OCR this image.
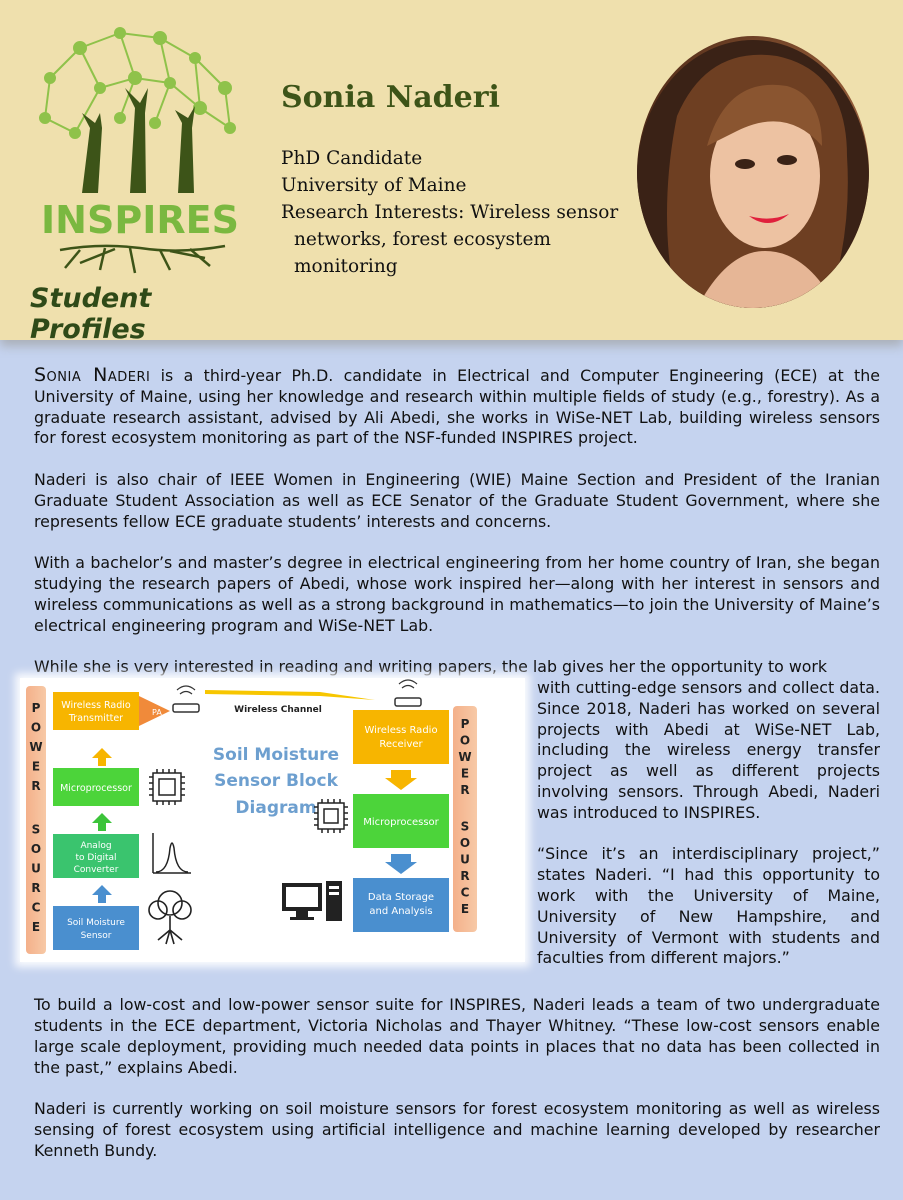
INSPIRES
Student Profiles
Sonia Naderi
PhD Candidate
University of Maine
Research Interests: Wireless sensor
networks, forest ecosystem
monitoring

Sonia Naderi is a third-year Ph.D. candidate in Electrical and Computer Engineering (ECE) at the University of Maine, using her knowledge and research within multiple fields of study (e.g., forestry). As a graduate research assistant, advised by Ali Abedi, she works in WiSe-NET Lab, building wireless sensors for forest ecosystem monitoring as part of the NSF-funded INSPIRES project.

Naderi is also chair of IEEE Women in Engineering (WIE) Maine Section and President of the Iranian Graduate Student Association as well as ECE Senator of the Graduate Student Government, where she represents fellow ECE graduate students’ interests and concerns.

With a bachelor’s and master’s degree in electrical engineering from her home country of Iran, she began studying the research papers of Abedi, whose work inspired her—along with her interest in sensors and wireless communications as well as a strong background in mathematics—to join the University of Maine’s electrical engineering program and WiSe-NET Lab.

While she is very interested in reading and writing papers, the lab gives her the opportunity to work

P
O
W
E
R
S
O
U
R
C
E
P
O
W
E
R
S
O
U
R
C
E
Wireless Radio
Transmitter
PA
Microprocessor
Analog
to Digital
Converter
Soil Moisture
Sensor
Wireless Channel
Soil Moisture
Sensor Block
Diagram
Wireless Radio
Receiver
Microprocessor
Data Storage
and Analysis

with cutting-edge sensors and collect data. Since 2018, Naderi has worked on several projects with Abedi at WiSe-NET Lab, including the wireless energy transfer project as well as different projects involving sensors. Through Abedi, Naderi was introduced to INSPIRES.

“Since it’s an interdisciplinary project,” states Naderi. “I had this opportunity to work with the University of Maine, University of New Hampshire, and University of Vermont with students and faculties from different majors.”

To build a low-cost and low-power sensor suite for INSPIRES, Naderi leads a team of two undergraduate students in the ECE department, Victoria Nicholas and Thayer Whitney. “These low-cost sensors enable large scale deployment, providing much needed data points in places that no data has been collected in the past,” explains Abedi.

Naderi is currently working on soil moisture sensors for forest ecosystem monitoring as well as wireless sensing of forest ecosystem using artificial intelligence and machine learning developed by researcher Kenneth Bundy.
